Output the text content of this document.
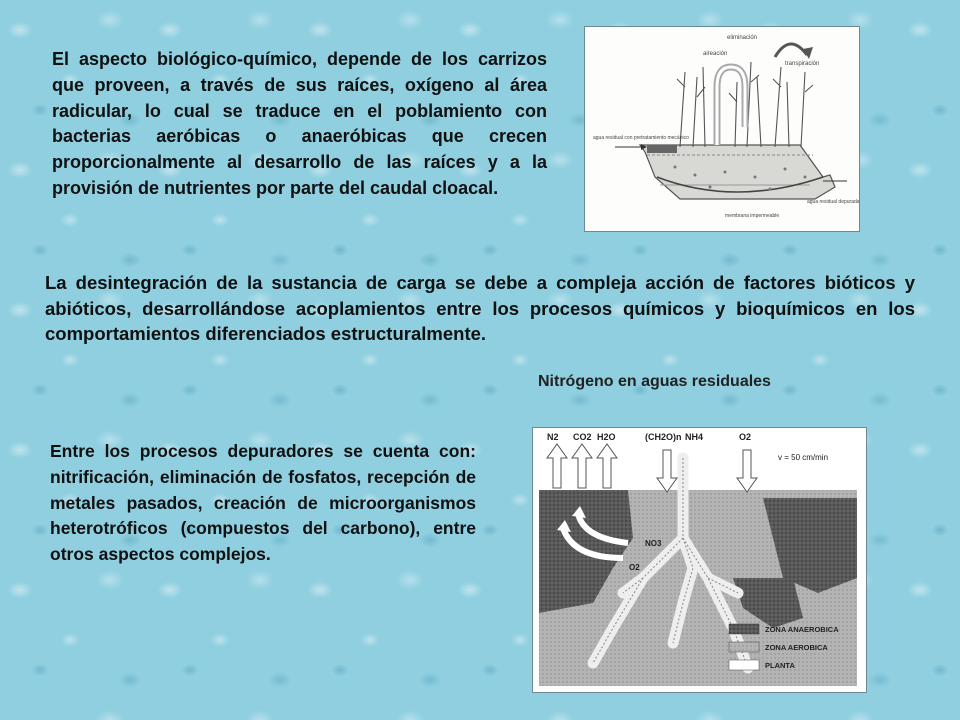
El aspecto biológico-químico, depende de los carrizos que proveen, a través de sus raíces, oxígeno al área radicular, lo cual se traduce en el poblamiento con bacterias aeróbicas o anaeróbicas que crecen proporcionalmente al desarrollo de las raíces y a la provisión de nutrientes por parte del caudal cloacal.

eliminación
transpiración
aireación
agua residual con pretratamiento mecánico
agua residual depurada
membrana impermeable

La desintegración de la sustancia de carga se debe a compleja acción de factores bióticos y abióticos, desarrollándose acoplamientos entre los procesos químicos y bioquímicos en los comportamientos diferenciados estructuralmente.

Nitrógeno en aguas residuales

Entre los procesos depuradores se cuenta con: nitrificación, eliminación de fosfatos, recepción de metales pasados, creación de microorganismos heterotróficos (compuestos del carbono), entre otros aspectos complejos.

N2 CO2 H2O	(CH2O)n NH4	O2
v = 50 cm/min
NO3
O2
ZONA ANAEROBICA
ZONA AEROBICA
PLANTA
